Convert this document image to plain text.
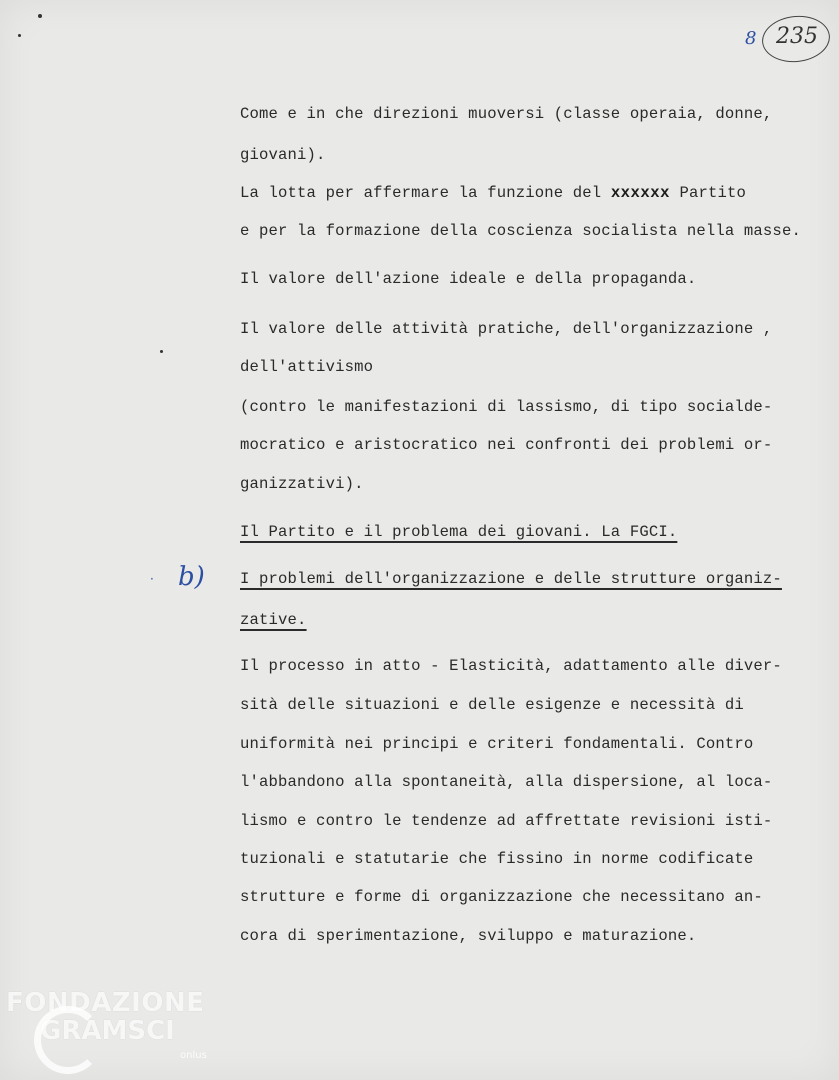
8 235
Come e in che direzioni muoversi (classe operaia, donne,
giovani).
La lotta per affermare la funzione del xxxxxx Partito
e per la formazione della coscienza socialista nella masse.
Il valore dell'azione ideale e della propaganda.
Il valore delle attività pratiche, dell'organizzazione ,
dell'attivismo
(contro le manifestazioni di lassismo, di tipo socialde-
mocratico e aristocratico nei confronti dei problemi or-
ganizzativi).
Il Partito e il problema dei giovani. La FGCI.
· b) I problemi dell'organizzazione e delle strutture organiz-
zative.
Il processo in atto - Elasticità, adattamento alle diver-
sità delle situazioni e delle esigenze e necessità di
uniformità nei principi e criteri fondamentali. Contro
l'abbandono alla spontaneità, alla dispersione, al loca-
lismo e contro le tendenze ad affrettate revisioni isti-
tuzionali e statutarie che fissino in norme codificate
strutture e forme di organizzazione che necessitano an-
cora di sperimentazione, sviluppo e maturazione.
FONDAZIONE
GRAMSCI
onlus
